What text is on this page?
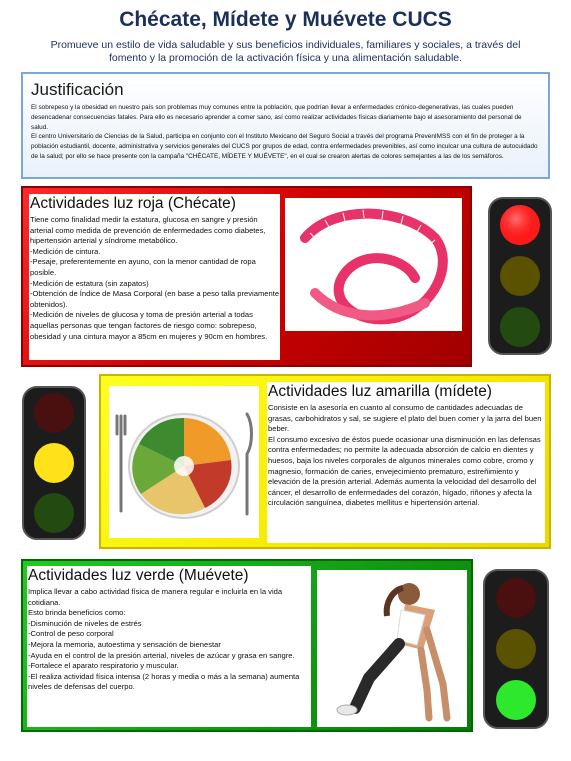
Chécate, Mídete y Muévete CUCS
Promueve un estilo de vida saludable y sus beneficios individuales, familiares y sociales, a través del fomento y la promoción de la activación física y una alimentación saludable.
Justificación

El sobrepeso y la obesidad en nuestro país son problemas muy comunes entre la población, que podrían llevar a enfermedades crónico-degenerativas, las cuales pueden desencadenar consecuencias fatales. Para ello es necesario aprender a comer sano, así como realizar actividades físicas diariamente bajo el asesoramiento del personal de salud.

El centro Universitario de Ciencias de la Salud, participa en conjunto con el Instituto Mexicano del Seguro Social a través del programa PrevenIMSS con el fin de proteger a la población estudiantil, docente, administrativa y servicios generales del CUCS por grupos de edad, contra enfermedades prevenibles, así como inculcar una cultura de autocuidado de la salud; por ello se hace presente con la campaña "CHÉCATE, MÍDETE Y MUÉVETE", en el cual se crearon alertas de colores semejantes a las de los semáforos.

Actividades luz roja (Chécate)
Tiene como finalidad medir la estatura, glucosa en sangre y presión arterial como medida de prevención de enfermedades como diabetes, hipertensión arterial y síndrome metabólico.
-Medición de cintura.
-Pesaje, preferentemente en ayuno, con la menor cantidad de ropa posible.
-Medición de estatura (sin zapatos)
-Obtención de Índice de Masa Corporal (en base a peso talla previamente obtenidos).
-Medición de niveles de glucosa y toma de presión arterial a todas aquellas personas que tengan factores de riesgo como: sobrepeso, obesidad y una cintura mayor a 85cm en mujeres y 90cm en hombres.
Actividades luz amarilla (mídete)
Consiste en la asesoría en cuanto al consumo de cantidades adecuadas de grasas, carbohidratos y sal, se sugiere el plato del buen comer y la jarra del buen beber.
El consumo excesivo de éstos puede ocasionar una disminución en las defensas contra enfermedades; no permite la adecuada absorción de calcio en dientes y huesos, baja los niveles corporales de algunos minerales como cobre, cromo y magnesio, formación de caries, envejecimiento prematuro, estreñimiento y elevación de la presión arterial. Además aumenta la velocidad del desarrollo del cáncer, el desarrollo de enfermedades del corazón, hígado, riñones y afecta la circulación sanguínea, diabetes mellitus e hipertensión arterial.
Actividades luz verde (Muévete)
Implica llevar a cabo actividad física de manera regular e incluirla en la vida cotidiana.
Esto brinda beneficios como:
-Disminución de niveles de estrés
-Control de peso corporal
-Mejora la memoria, autoestima y sensación de bienestar
-Ayuda en el control de la presión arterial, niveles de azúcar y grasa en sangre.
-Fortalece el aparato respiratorio y muscular.
-El realiza actividad física intensa (2 horas y media o más a la semana) aumenta niveles de defensas del cuerpo.
